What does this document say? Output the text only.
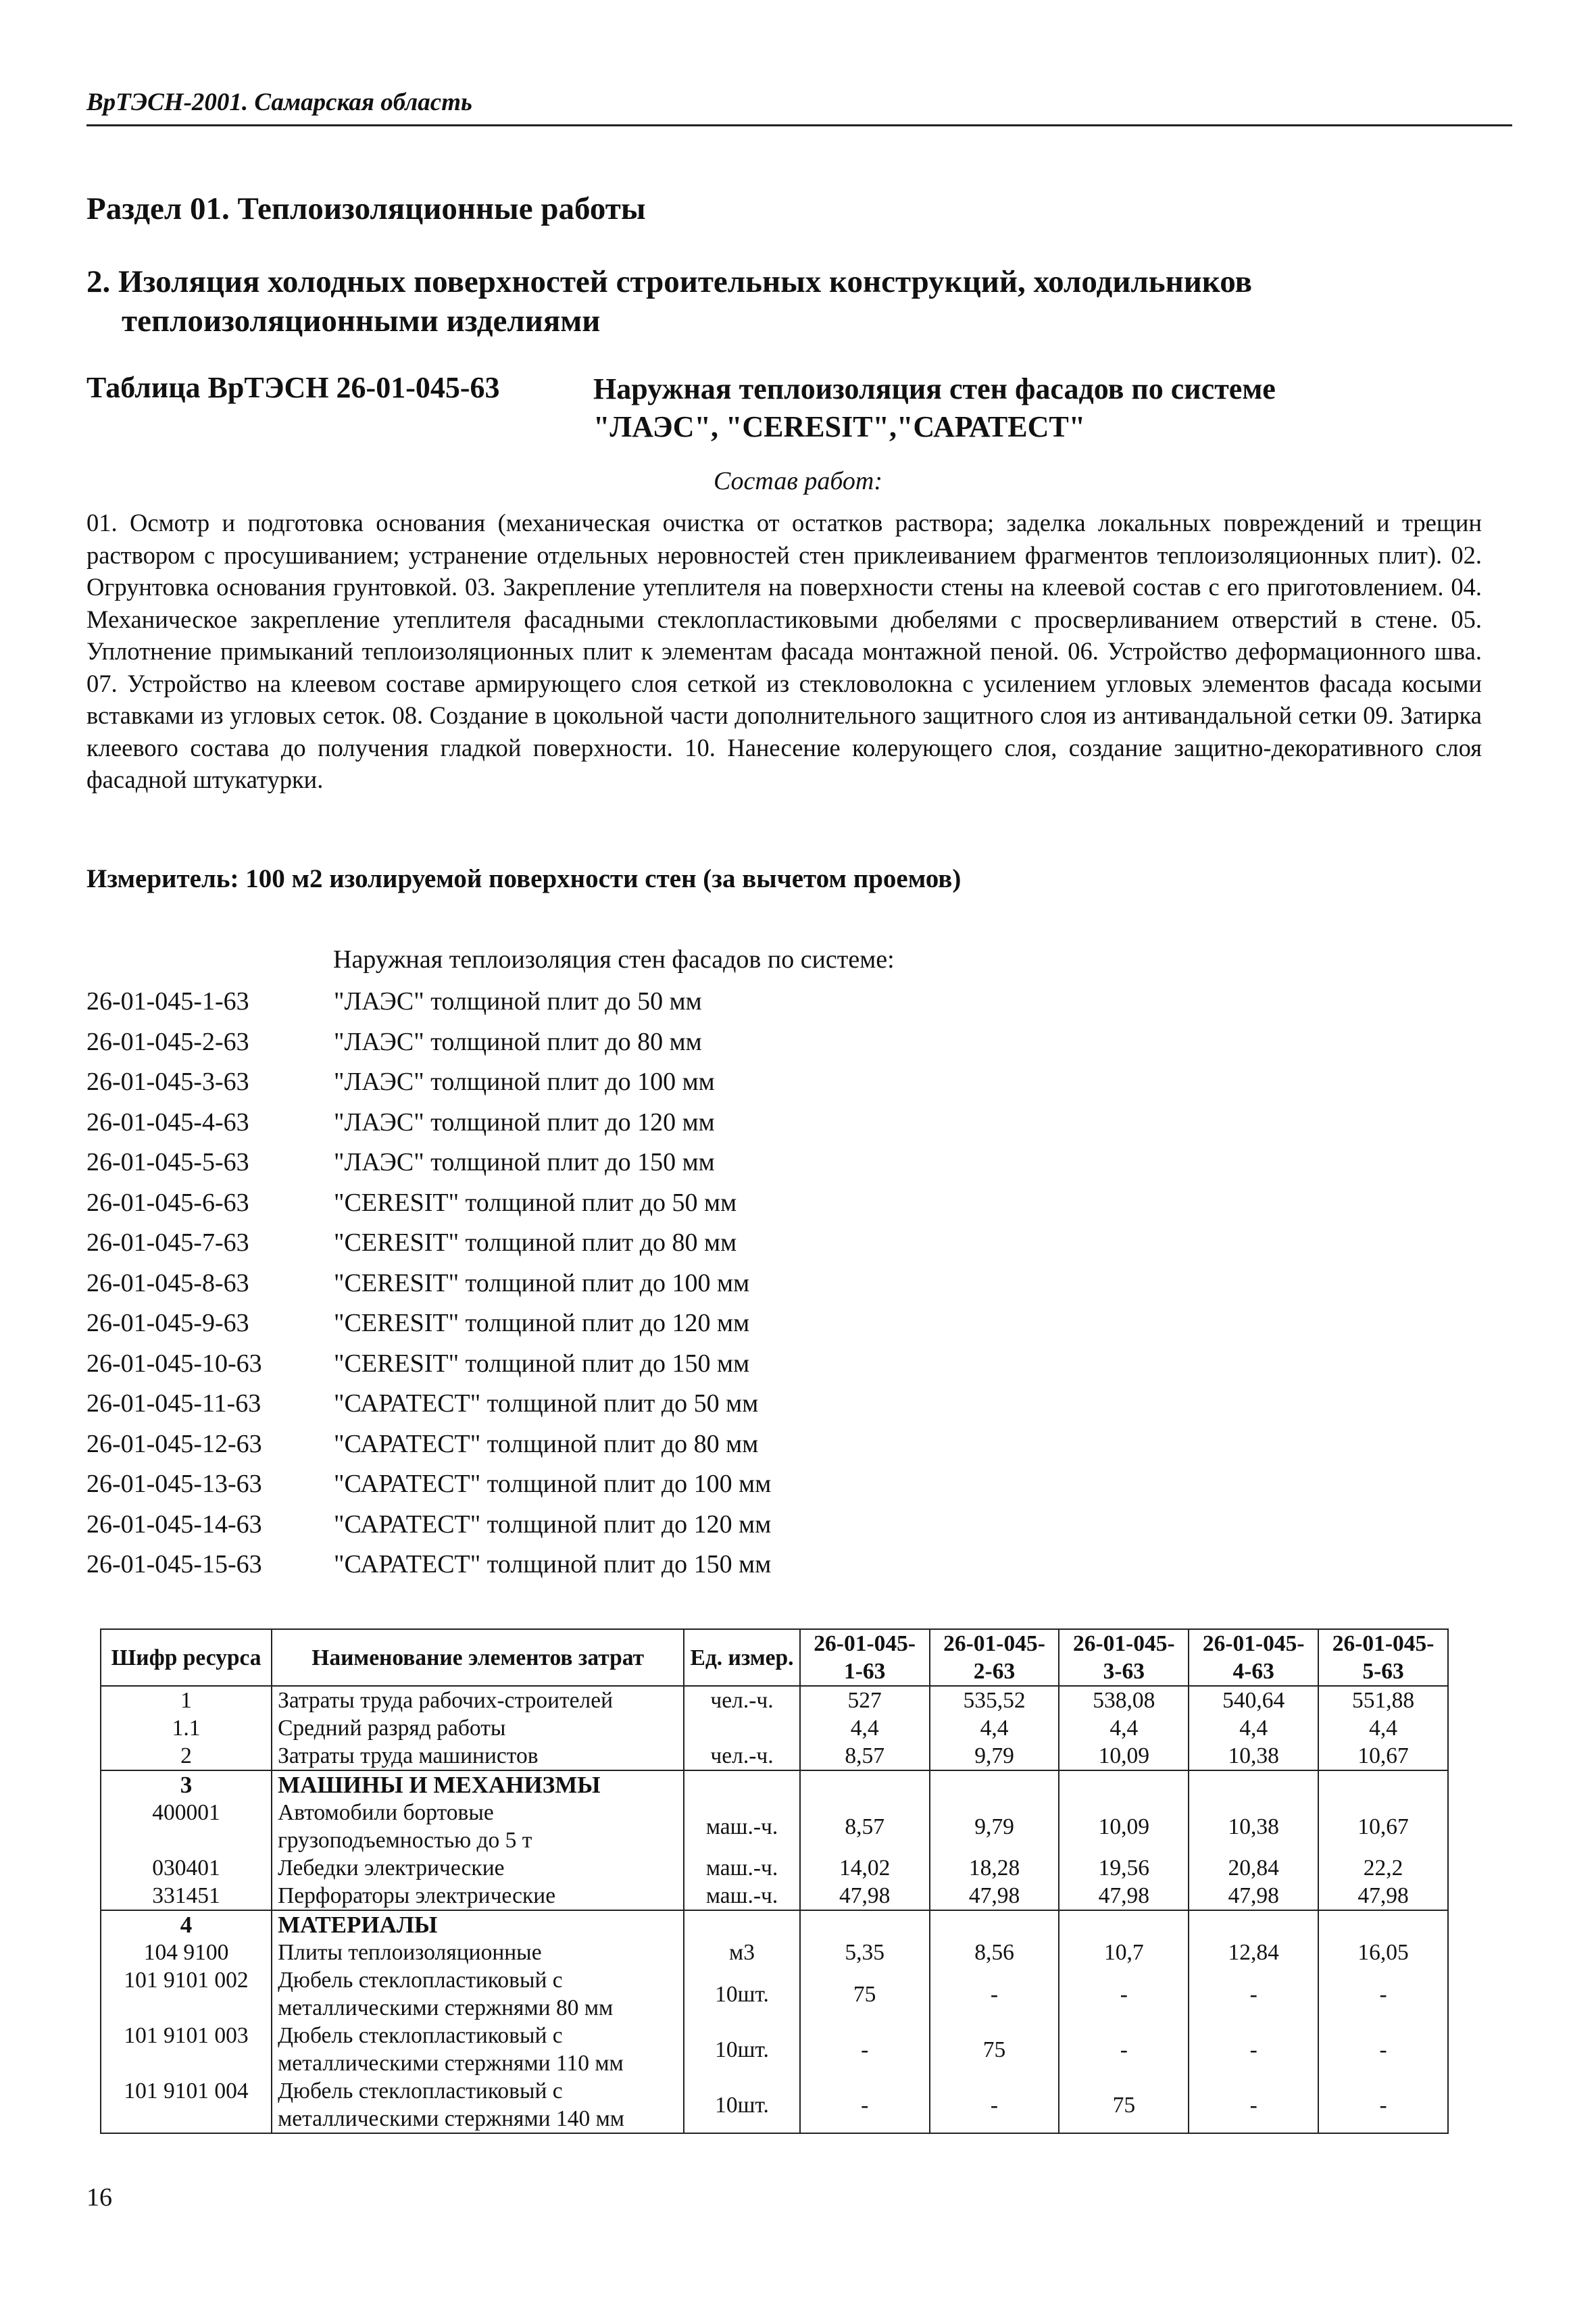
ВрТЭСН-2001. Самарская область
Раздел 01. Теплоизоляционные работы
2. Изоляция холодных поверхностей строительных конструкций, холодильников
теплоизоляционными изделиями
Таблица ВрТЭСН 26-01-045-63	Наружная теплоизоляция стен фасадов по системе
"ЛАЭС", "CERESIT","САРАТЕСТ"
Состав работ:
01. Осмотр и подготовка основания (механическая очистка от остатков раствора; заделка локальных повреждений и трещин раствором с просушиванием; устранение отдельных неровностей стен приклеиванием фрагментов теплоизоляционных плит). 02. Огрунтовка основания грунтовкой. 03. Закрепление утеплителя на поверхности стены на клеевой состав с его приготовлением. 04. Механическое закрепление утеплителя фасадными стеклопластиковыми дюбелями с просверливанием отверстий в стене. 05. Уплотнение примыканий теплоизоляционных плит к элементам фасада монтажной пеной. 06. Устройство деформационного шва. 07. Устройство на клеевом составе армирующего слоя сеткой из стекловолокна с усилением угловых элементов фасада косыми вставками из угловых сеток. 08. Создание в цокольной части дополнительного защитного слоя из антивандальной сетки 09. Затирка клеевого состава до получения гладкой поверхности. 10. Нанесение колерующего слоя, создание защитно-декоративного слоя фасадной штукатурки.
Измеритель: 100 м2 изолируемой поверхности стен (за вычетом проемов)
Наружная теплоизоляция стен фасадов по системе:
26-01-045-1-63	"ЛАЭС" толщиной плит до 50 мм
26-01-045-2-63	"ЛАЭС" толщиной плит до 80 мм
26-01-045-3-63	"ЛАЭС" толщиной плит до 100 мм
26-01-045-4-63	"ЛАЭС" толщиной плит до 120 мм
26-01-045-5-63	"ЛАЭС" толщиной плит до 150 мм
26-01-045-6-63	"CERESIT" толщиной плит до 50 мм
26-01-045-7-63	"CERESIT" толщиной плит до 80 мм
26-01-045-8-63	"CERESIT" толщиной плит до 100 мм
26-01-045-9-63	"CERESIT" толщиной плит до 120 мм
26-01-045-10-63	"CERESIT" толщиной плит до 150 мм
26-01-045-11-63	"САРАТЕСТ" толщиной плит до 50 мм
26-01-045-12-63	"САРАТЕСТ" толщиной плит до 80 мм
26-01-045-13-63	"САРАТЕСТ" толщиной плит до 100 мм
26-01-045-14-63	"САРАТЕСТ" толщиной плит до 120 мм
26-01-045-15-63	"САРАТЕСТ" толщиной плит до 150 мм
Шифр ресурса	Наименование элементов затрат	Ед. измер.	26-01-045-1-63	26-01-045-2-63	26-01-045-3-63	26-01-045-4-63	26-01-045-5-63
1	Затраты труда рабочих-строителей	чел.-ч.	527	535,52	538,08	540,64	551,88
1.1	Средний разряд работы		4,4	4,4	4,4	4,4	4,4
2	Затраты труда машинистов	чел.-ч.	8,57	9,79	10,09	10,38	10,67
3	МАШИНЫ И МЕХАНИЗМЫ						
400001	Автомобили бортовые грузоподъемностью до 5 т	маш.-ч.	8,57	9,79	10,09	10,38	10,67
030401	Лебедки электрические	маш.-ч.	14,02	18,28	19,56	20,84	22,2
331451	Перфораторы электрические	маш.-ч.	47,98	47,98	47,98	47,98	47,98
4	МАТЕРИАЛЫ						
104 9100	Плиты теплоизоляционные	м3	5,35	8,56	10,7	12,84	16,05
101 9101 002	Дюбель стеклопластиковый с металлическими стержнями 80 мм	10шт.	75	-	-	-	-
101 9101 003	Дюбель стеклопластиковый с металлическими стержнями 110 мм	10шт.	-	75	-	-	-
101 9101 004	Дюбель стеклопластиковый с металлическими стержнями 140 мм	10шт.	-	-	75	-	-
16
